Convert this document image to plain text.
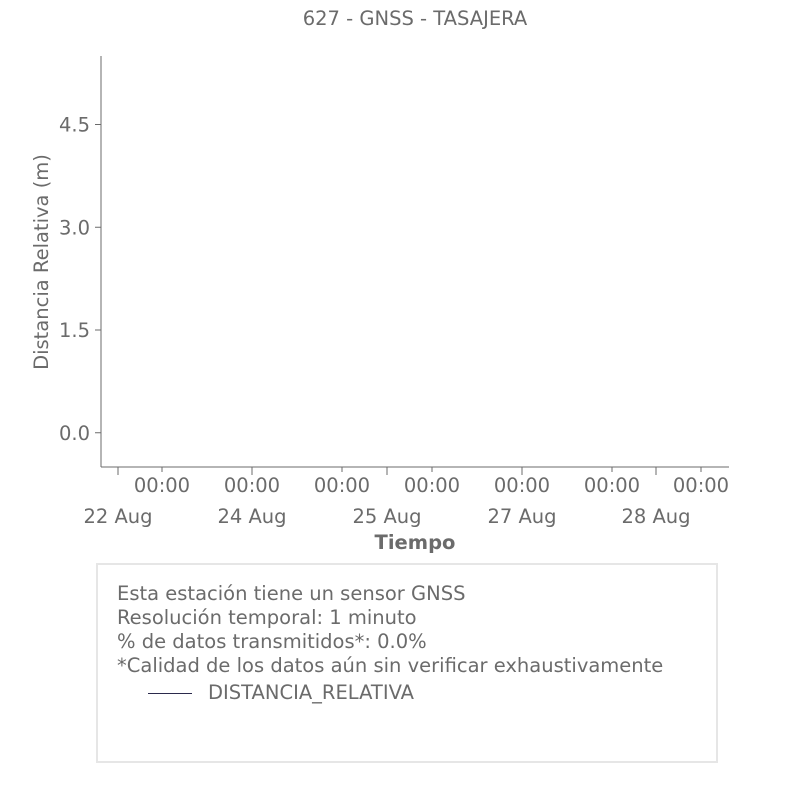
627 - GNSS - TASAJERA
0.0
1.5
3.0
4.5
00:00 00:00 00:00 00:00 00:00 00:00 00:00
22 Aug	24 Aug	25 Aug	27 Aug	28 Aug
Distancia Relativa (m)
Tiempo
Esta estación tiene un sensor GNSS
Resolución temporal: 1 minuto
% de datos transmitidos*: 0.0%
*Calidad de los datos aún sin verificar exhaustivamente
DISTANCIA_RELATIVA
